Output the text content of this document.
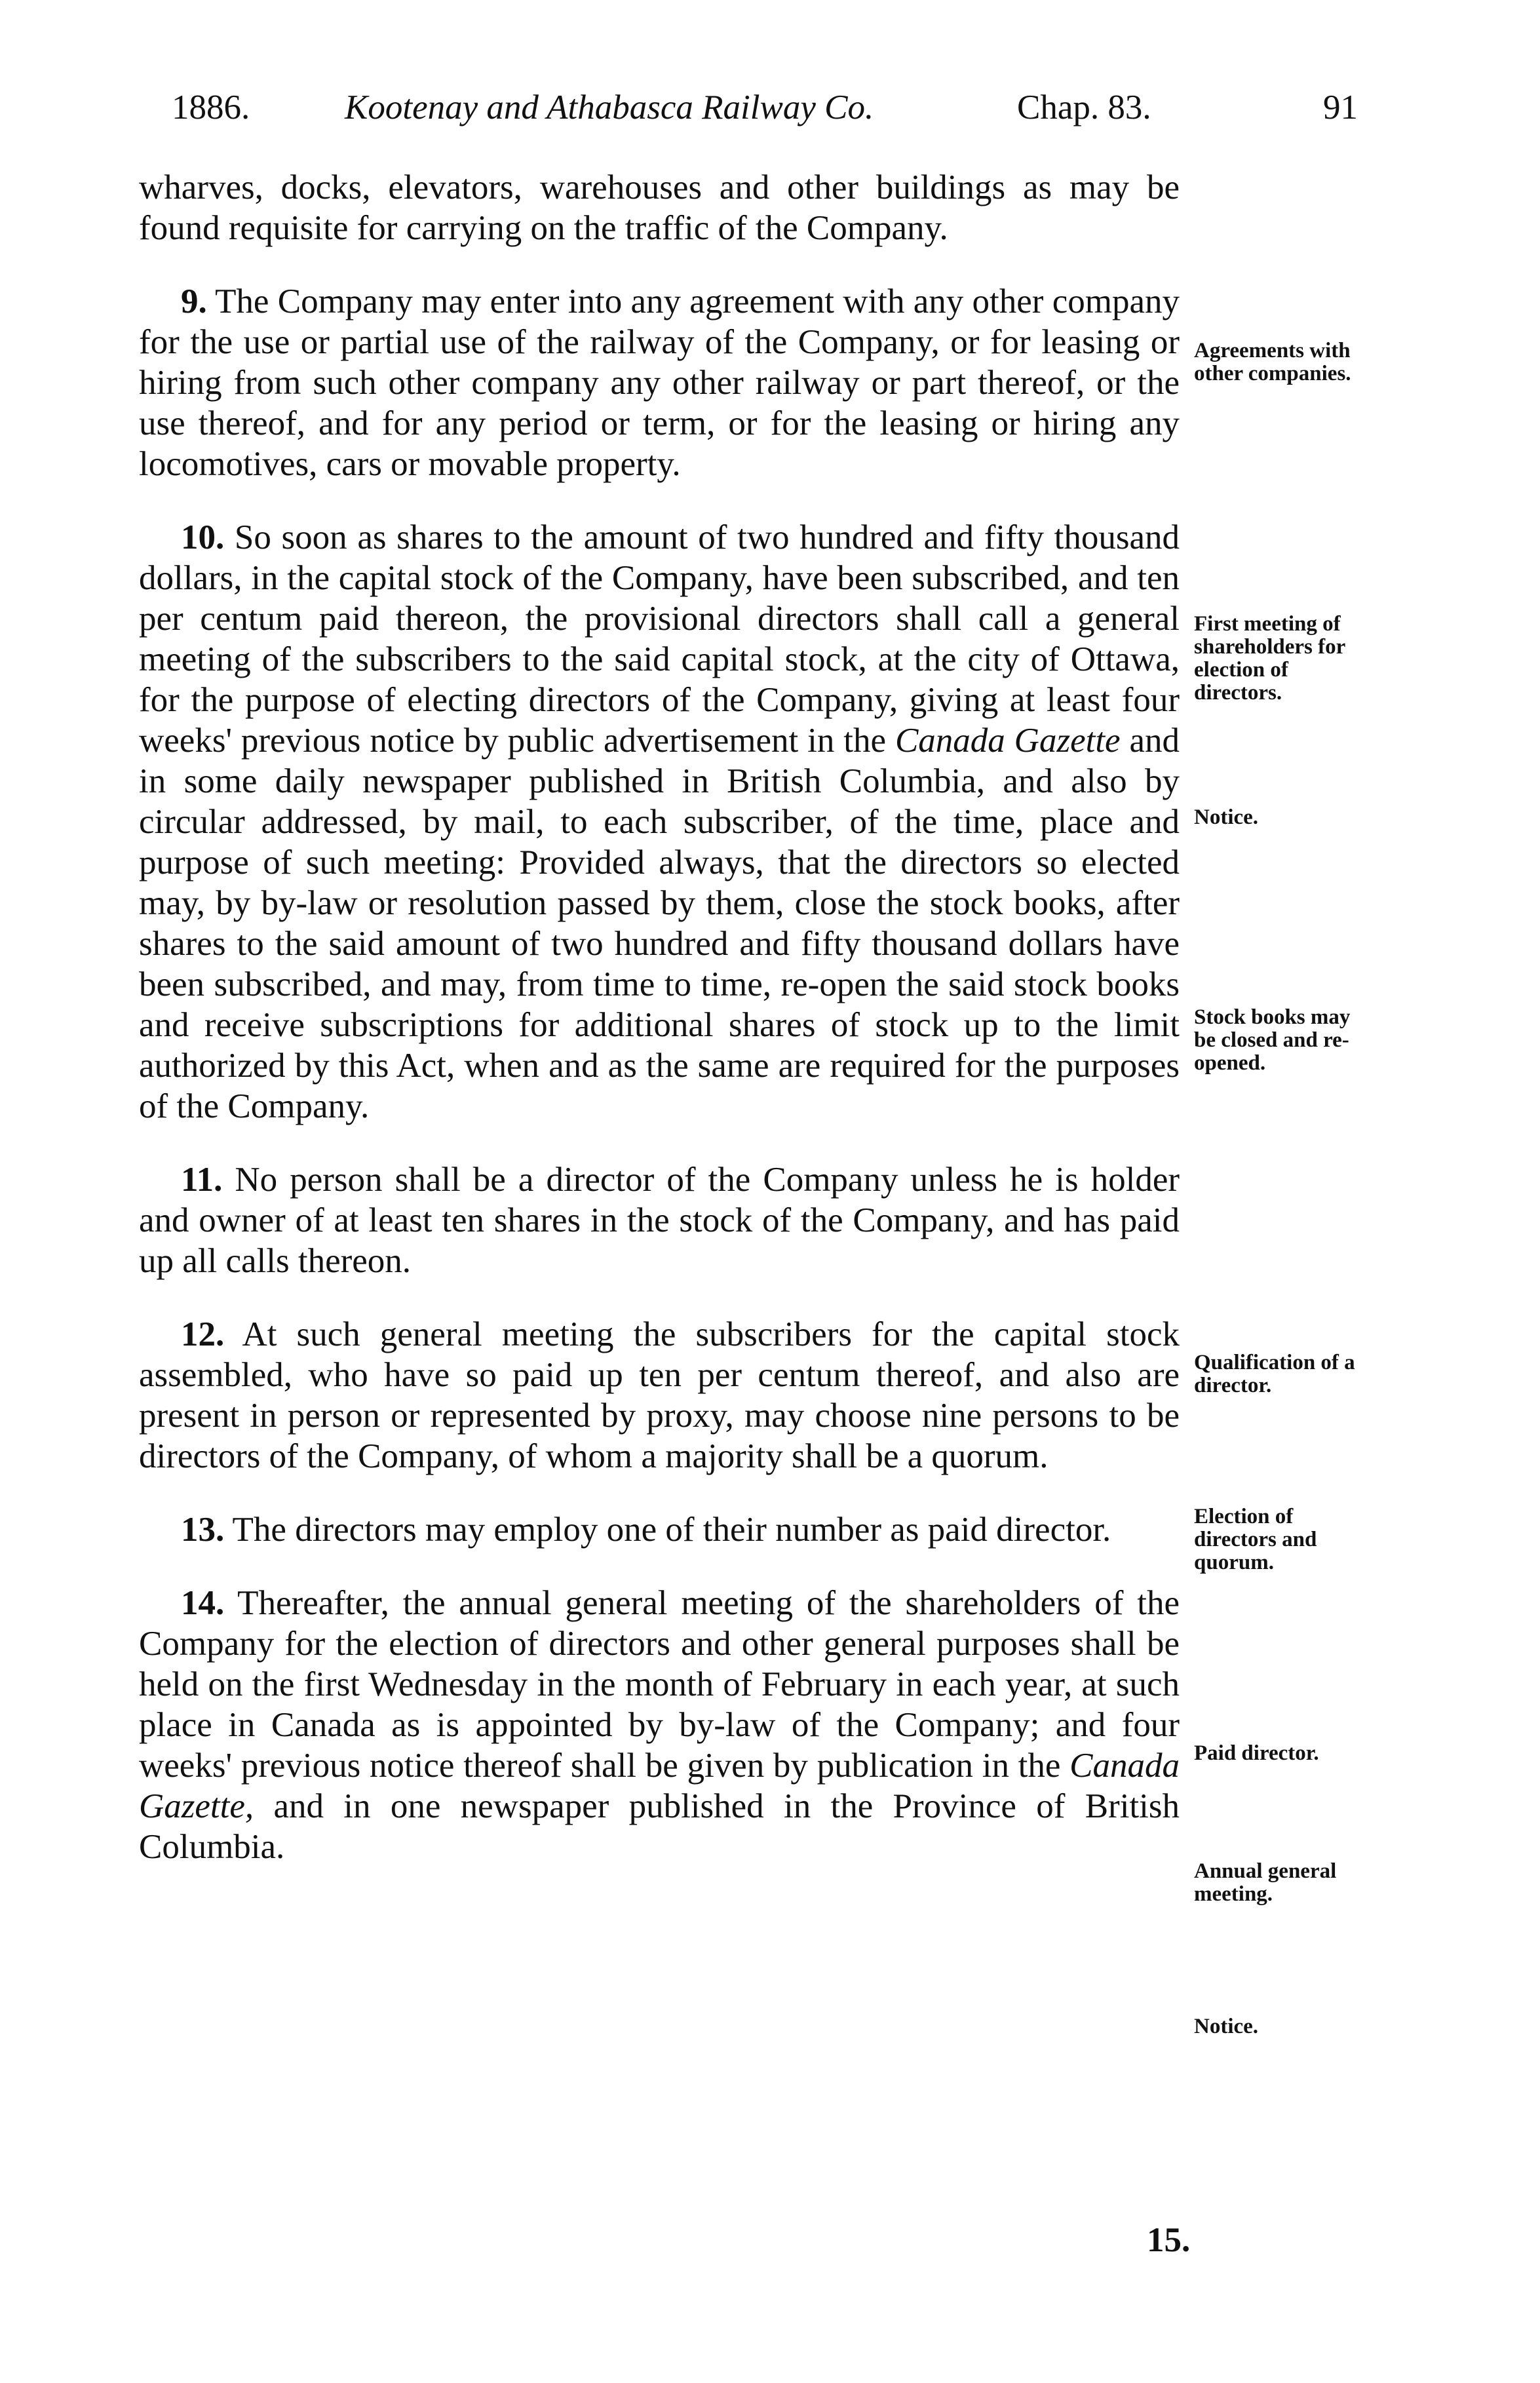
1886.	Kootenay and Athabasca Railway Co.	Chap. 83.	91

wharves, docks, elevators, warehouses and other buildings as may be found requisite for carrying on the traffic of the Company.

9. The Company may enter into any agreement with any other company for the use or partial use of the railway of the Company, or for leasing or hiring from such other company any other railway or part thereof, or the use thereof, and for any period or term, or for the leasing or hiring any locomotives, cars or movable property.

10. So soon as shares to the amount of two hundred and fifty thousand dollars, in the capital stock of the Company, have been subscribed, and ten per centum paid thereon, the provisional directors shall call a general meeting of the subscribers to the said capital stock, at the city of Ottawa, for the purpose of electing directors of the Company, giving at least four weeks' previous notice by public advertisement in the Canada Gazette and in some daily newspaper published in British Columbia, and also by circular addressed, by mail, to each subscriber, of the time, place and purpose of such meeting: Provided always, that the directors so elected may, by by-law or resolution passed by them, close the stock books, after shares to the said amount of two hundred and fifty thousand dollars have been subscribed, and may, from time to time, re-open the said stock books and receive subscriptions for additional shares of stock up to the limit authorized by this Act, when and as the same are required for the purposes of the Company.

11. No person shall be a director of the Company unless he is holder and owner of at least ten shares in the stock of the Company, and has paid up all calls thereon.

12. At such general meeting the subscribers for the capital stock assembled, who have so paid up ten per centum thereof, and also are present in person or represented by proxy, may choose nine persons to be directors of the Company, of whom a majority shall be a quorum.

13. The directors may employ one of their number as paid director.

14. Thereafter, the annual general meeting of the shareholders of the Company for the election of directors and other general purposes shall be held on the first Wednesday in the month of February in each year, at such place in Canada as is appointed by by-law of the Company; and four weeks' previous notice thereof shall be given by publication in the Canada Gazette, and in one newspaper published in the Province of British Columbia.

Agreements with other companies.
First meeting of shareholders for election of directors.
Notice.
Stock books may be closed and re-opened.
Qualification of a director.
Election of directors and quorum.
Paid director.
Annual general meeting.
Notice.
15.
